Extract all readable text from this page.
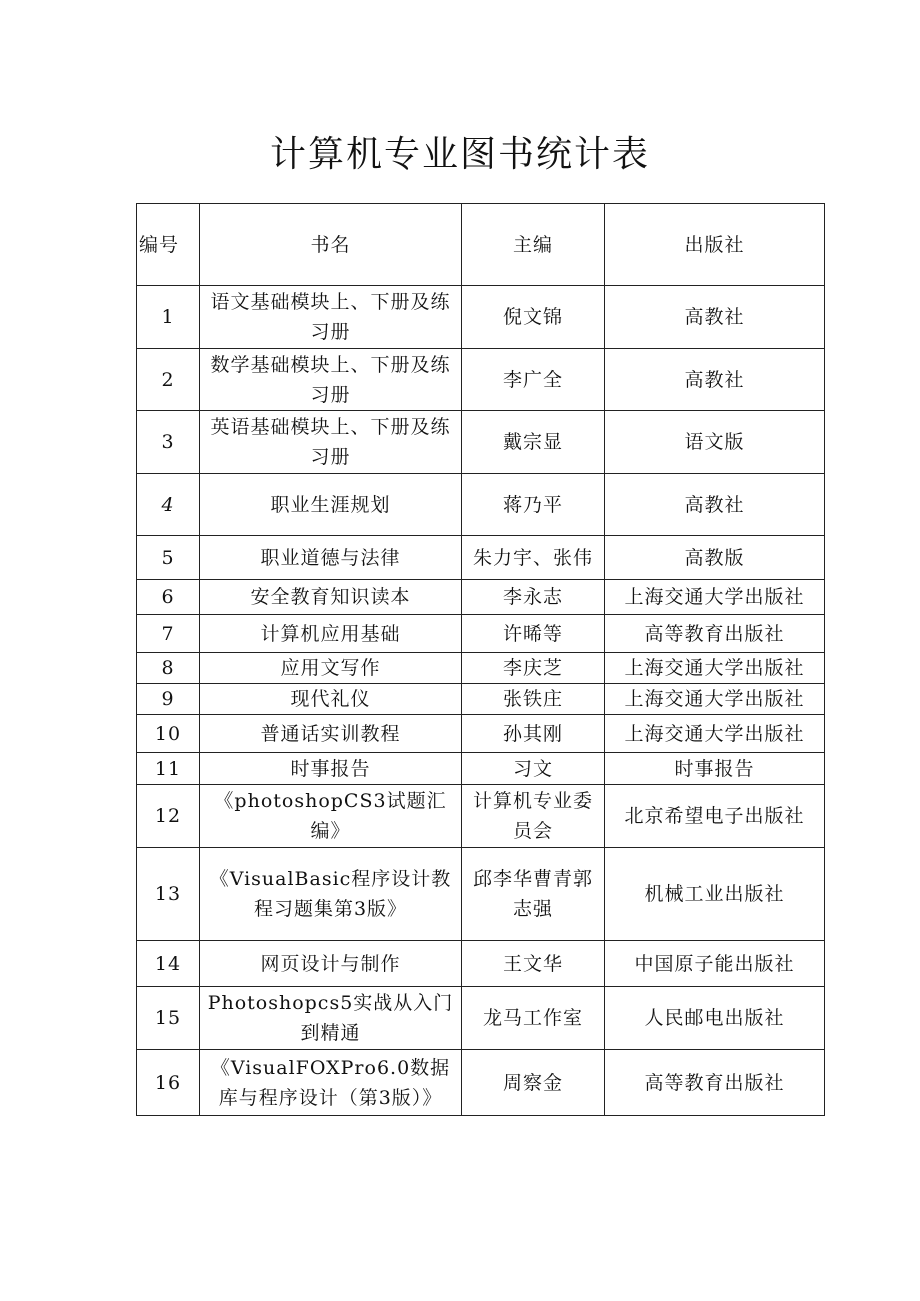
计算机专业图书统计表
编号	书名	主编	出版社
1	语文基础模块上、下册及练习册	倪文锦	高教社
2	数学基础模块上、下册及练习册	李广全	高教社
3	英语基础模块上、下册及练习册	戴宗显	语文版
4	职业生涯规划	蒋乃平	高教社
5	职业道德与法律	朱力宇、张伟	高教版
6	安全教育知识读本	李永志	上海交通大学出版社
7	计算机应用基础	许晞等	高等教育出版社
8	应用文写作	李庆芝	上海交通大学出版社
9	现代礼仪	张铁庄	上海交通大学出版社
10	普通话实训教程	孙其刚	上海交通大学出版社
11	时事报告	习文	时事报告
12	《photoshopCS3试题汇编》	计算机专业委员会	北京希望电子出版社
13	《VisualBasic程序设计教程习题集第3版》	邱李华曹青郭志强	机械工业出版社
14	网页设计与制作	王文华	中国原子能出版社
15	Photoshopcs5实战从入门到精通	龙马工作室	人民邮电出版社
16	《VisualFOXPro6.0数据库与程序设计（第3版）》	周察金	高等教育出版社
